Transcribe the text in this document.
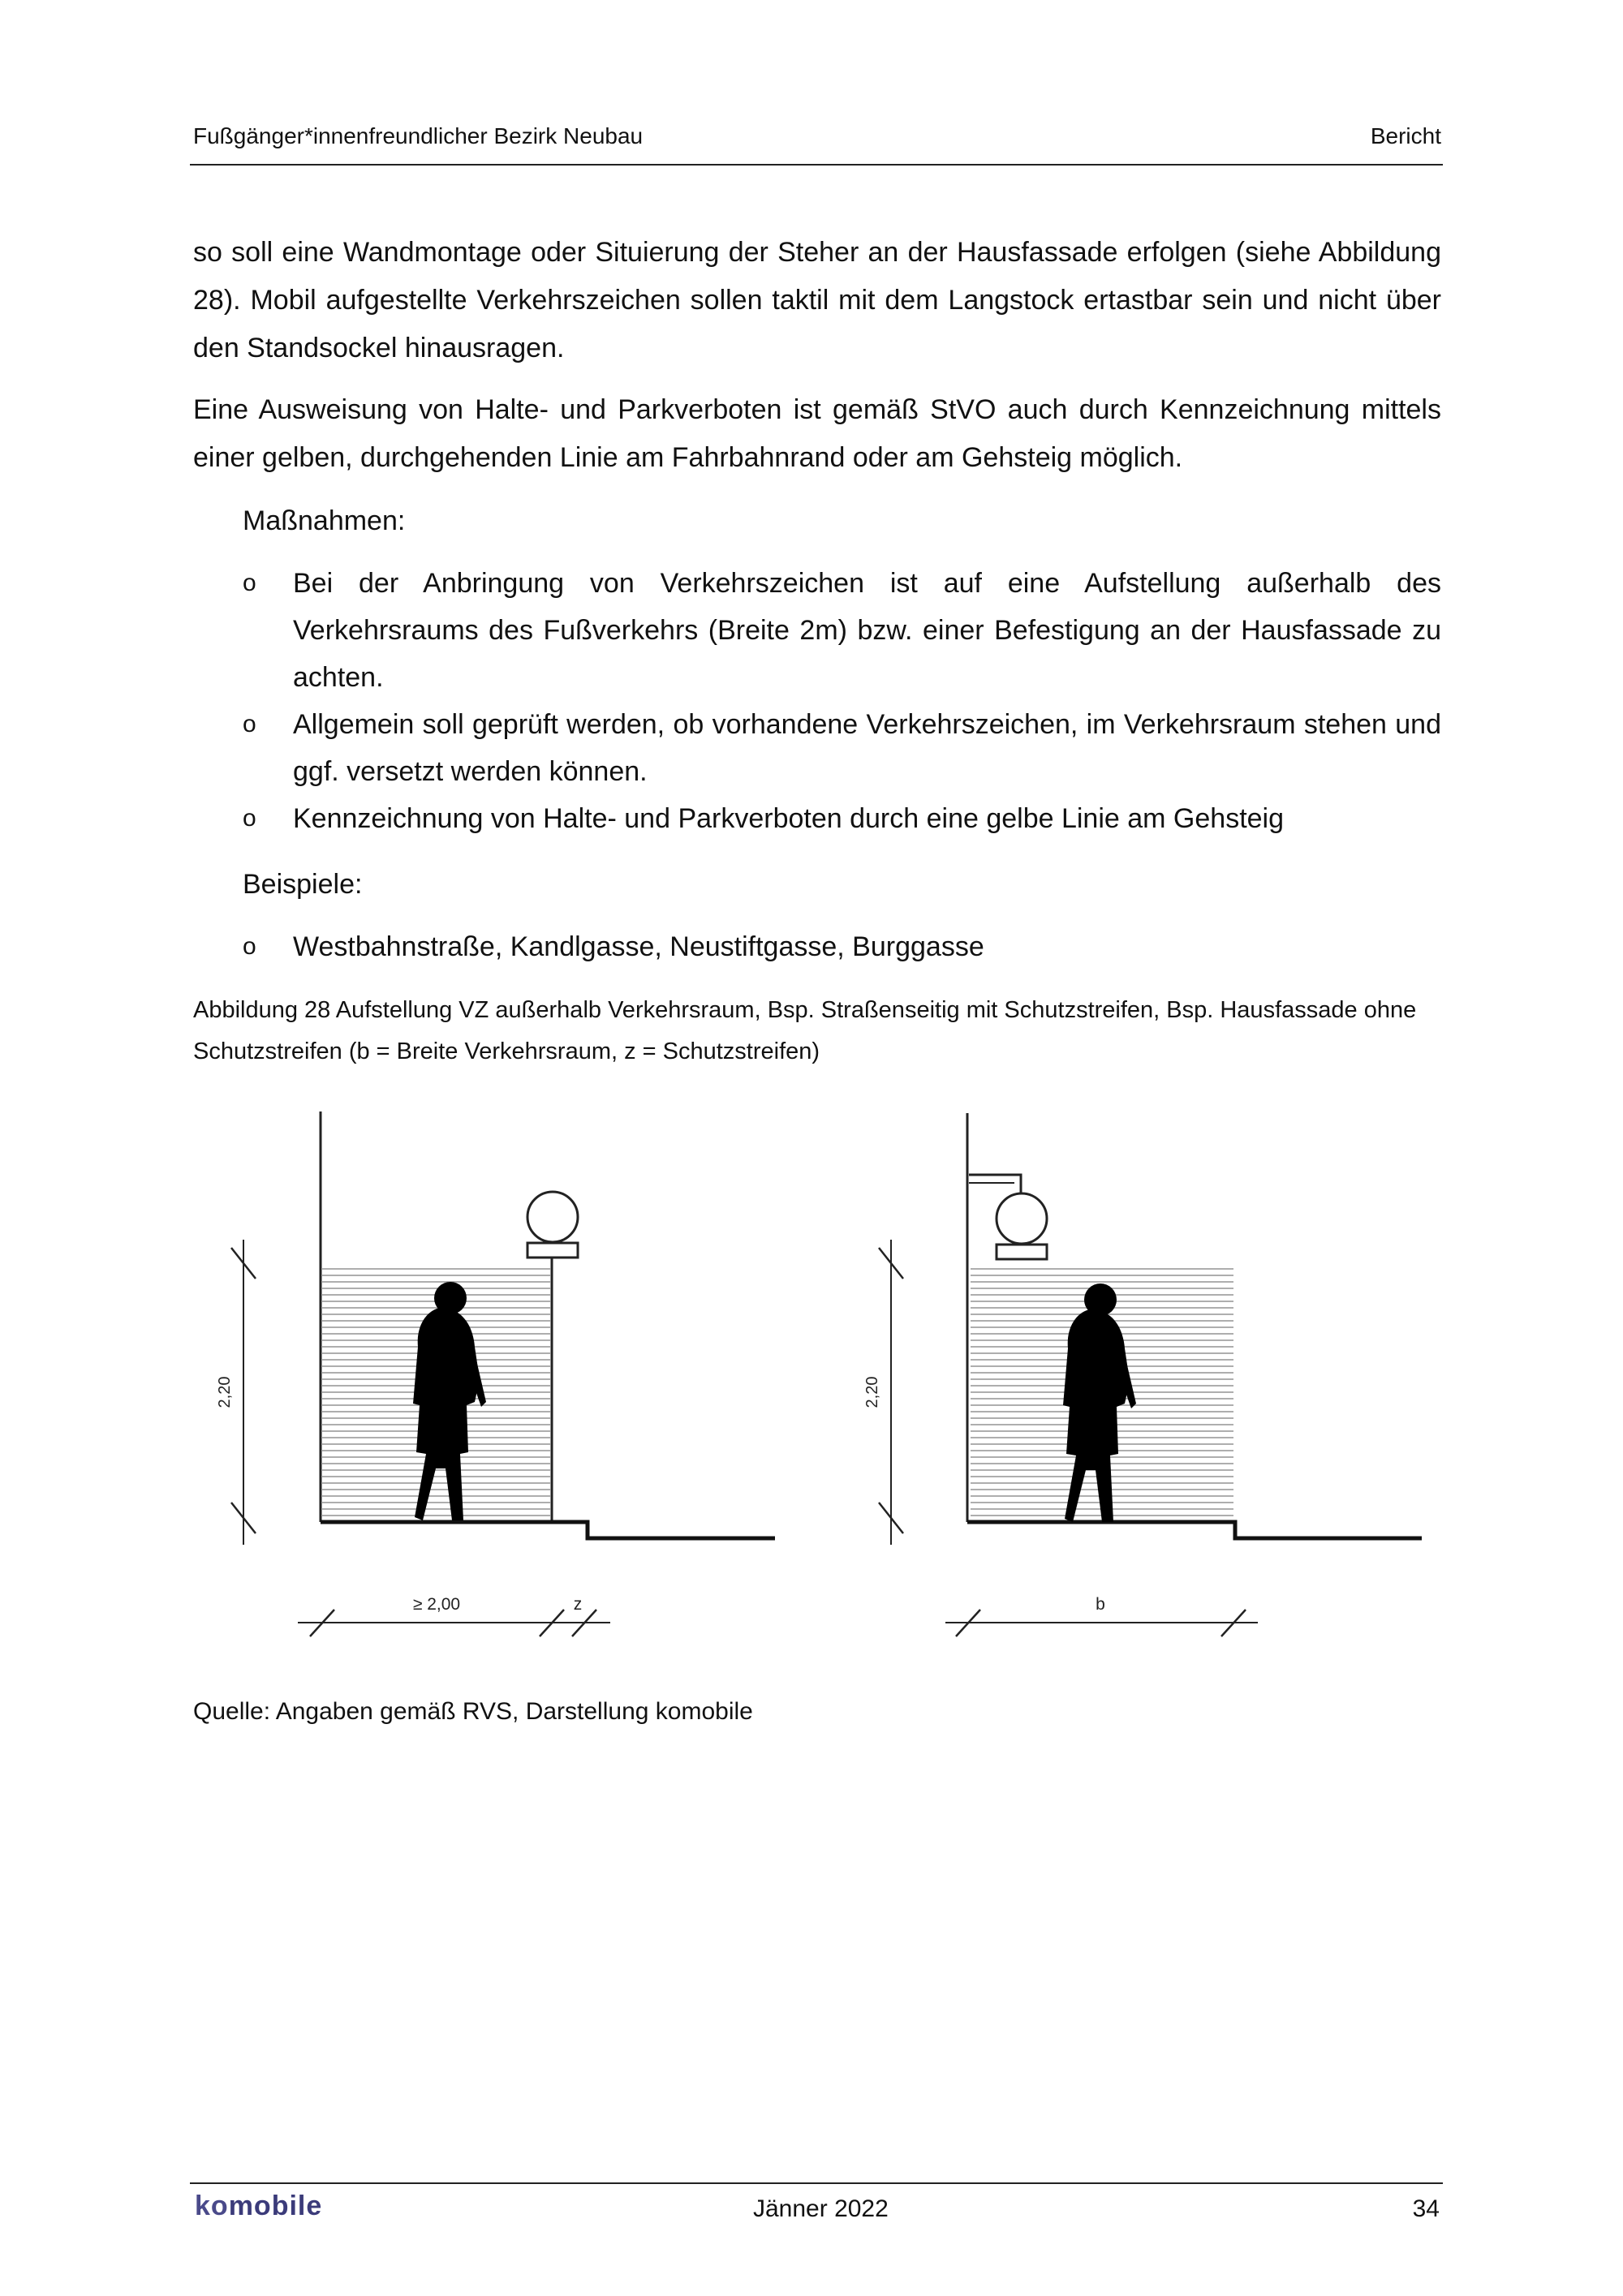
Fußgänger*innenfreundlicher Bezirk Neubau	Bericht

so soll eine Wandmontage oder Situierung der Steher an der Hausfassade erfolgen (siehe Abbildung 28). Mobil aufgestellte Verkehrszeichen sollen taktil mit dem Langstock ertastbar sein und nicht über den Standsockel hinausragen.

Eine Ausweisung von Halte- und Parkverboten ist gemäß StVO auch durch Kennzeichnung mittels einer gelben, durchgehenden Linie am Fahrbahnrand oder am Gehsteig möglich.

Maßnahmen:
o Bei der Anbringung von Verkehrszeichen ist auf eine Aufstellung außerhalb des Verkehrsraums des Fußverkehrs (Breite 2m) bzw. einer Befestigung an der Hausfassade zu achten.
o Allgemein soll geprüft werden, ob vorhandene Verkehrszeichen, im Verkehrsraum stehen und ggf. versetzt werden können.
o Kennzeichnung von Halte- und Parkverboten durch eine gelbe Linie am Gehsteig
Beispiele:
o Westbahnstraße, Kandlgasse, Neustiftgasse, Burggasse

Abbildung 28 Aufstellung VZ außerhalb Verkehrsraum, Bsp. Straßenseitig mit Schutzstreifen, Bsp. Hausfassade ohne Schutzstreifen (b = Breite Verkehrsraum, z = Schutzstreifen)

2,20
≥ 2,00	z
2,20
b
Quelle: Angaben gemäß RVS, Darstellung komobile
komobile	Jänner 2022	34
